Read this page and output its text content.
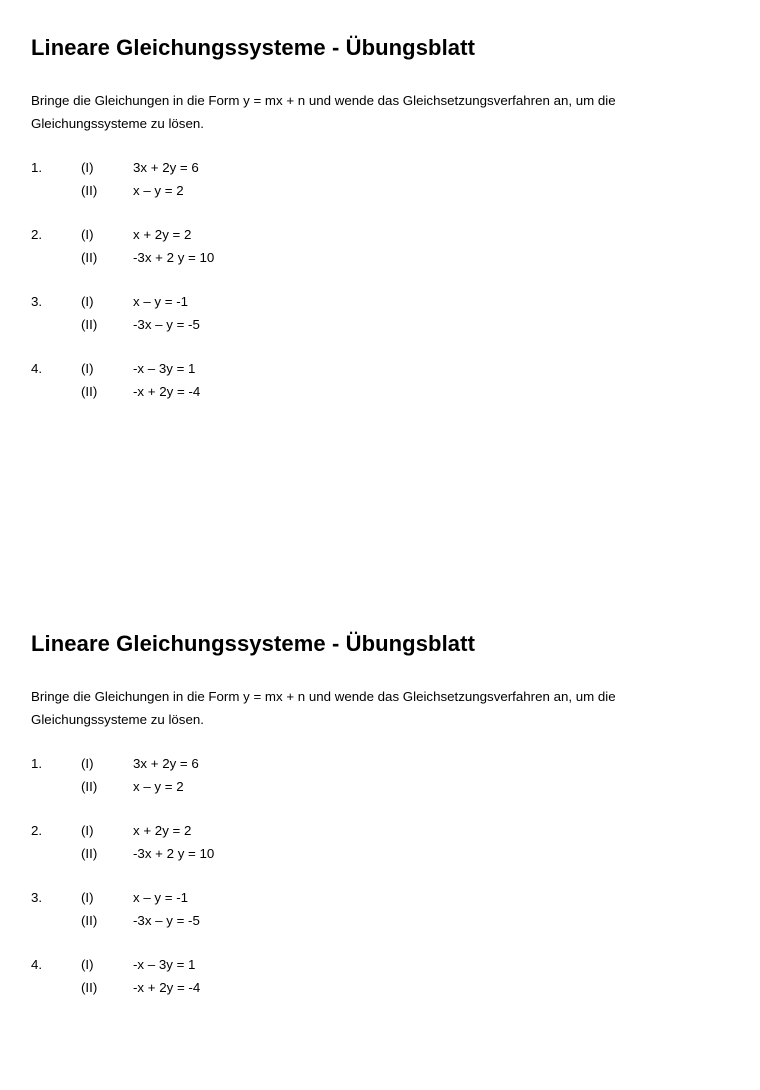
Lineare Gleichungssysteme - Übungsblatt

Bringe die Gleichungen in die Form y = mx + n und wende das Gleichsetzungsverfahren an, um die Gleichungssysteme zu lösen.

1.	(I)	3x + 2y = 6
(II)	x – y = 2
2.	(I)	x + 2y = 2
(II)	-3x + 2 y = 10
3.	(I)	x – y = -1
(II)	-3x – y = -5
4.	(I)	-x – 3y = 1
(II)	-x + 2y = -4
Lineare Gleichungssysteme - Übungsblatt

Bringe die Gleichungen in die Form y = mx + n und wende das Gleichsetzungsverfahren an, um die Gleichungssysteme zu lösen.

1.	(I)	3x + 2y = 6
(II)	x – y = 2
2.	(I)	x + 2y = 2
(II)	-3x + 2 y = 10
3.	(I)	x – y = -1
(II)	-3x – y = -5
4.	(I)	-x – 3y = 1
(II)	-x + 2y = -4
